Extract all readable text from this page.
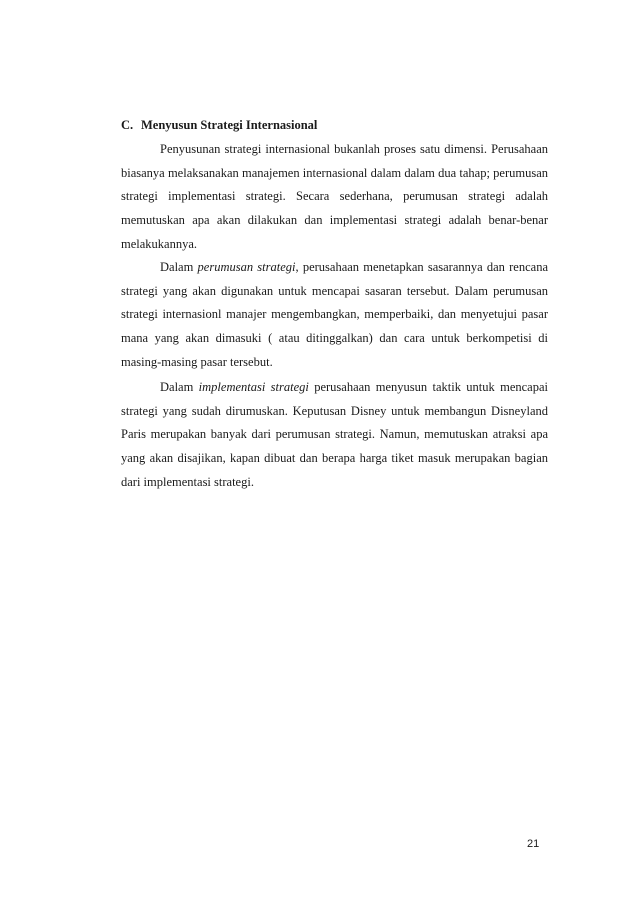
C. Menyusun Strategi Internasional

Penyusunan strategi internasional bukanlah proses satu dimensi. Perusahaan biasanya melaksanakan manajemen internasional dalam dalam dua tahap; perumusan strategi implementasi strategi. Secara sederhana, perumusan strategi adalah memutuskan apa akan dilakukan dan implementasi strategi adalah benar-benar melakukannya.

Dalam perumusan strategi, perusahaan menetapkan sasarannya dan rencana strategi yang akan digunakan untuk mencapai sasaran tersebut. Dalam perumusan strategi internasionl manajer mengembangkan, memperbaiki, dan menyetujui pasar mana yang akan dimasuki ( atau ditinggalkan) dan cara untuk berkompetisi di masing-masing pasar tersebut.

Dalam implementasi strategi perusahaan menyusun taktik untuk mencapai strategi yang sudah dirumuskan. Keputusan Disney untuk membangun Disneyland Paris merupakan banyak dari perumusan strategi. Namun, memutuskan atraksi apa yang akan disajikan, kapan dibuat dan berapa harga tiket masuk merupakan bagian dari implementasi strategi.

21
